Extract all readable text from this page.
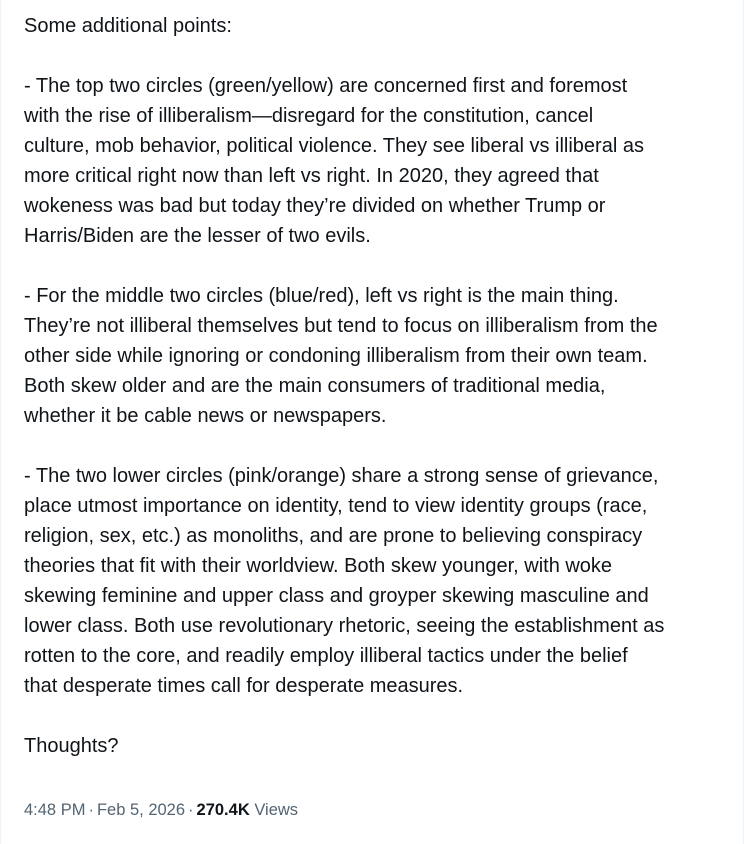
Some additional points:
- The top two circles (green/yellow) are concerned first and foremost
with the rise of illiberalism—disregard for the constitution, cancel
culture, mob behavior, political violence. They see liberal vs illiberal as
more critical right now than left vs right. In 2020, they agreed that
wokeness was bad but today they’re divided on whether Trump or
Harris/Biden are the lesser of two evils.
- For the middle two circles (blue/red), left vs right is the main thing.
They’re not illiberal themselves but tend to focus on illiberalism from the
other side while ignoring or condoning illiberalism from their own team.
Both skew older and are the main consumers of traditional media,
whether it be cable news or newspapers.
- The two lower circles (pink/orange) share a strong sense of grievance,
place utmost importance on identity, tend to view identity groups (race,
religion, sex, etc.) as monoliths, and are prone to believing conspiracy
theories that fit with their worldview. Both skew younger, with woke
skewing feminine and upper class and groyper skewing masculine and
lower class. Both use revolutionary rhetoric, seeing the establishment as
rotten to the core, and readily employ illiberal tactics under the belief
that desperate times call for desperate measures.
Thoughts?
4:48 PM · Feb 5, 2026 · 270.4K Views
